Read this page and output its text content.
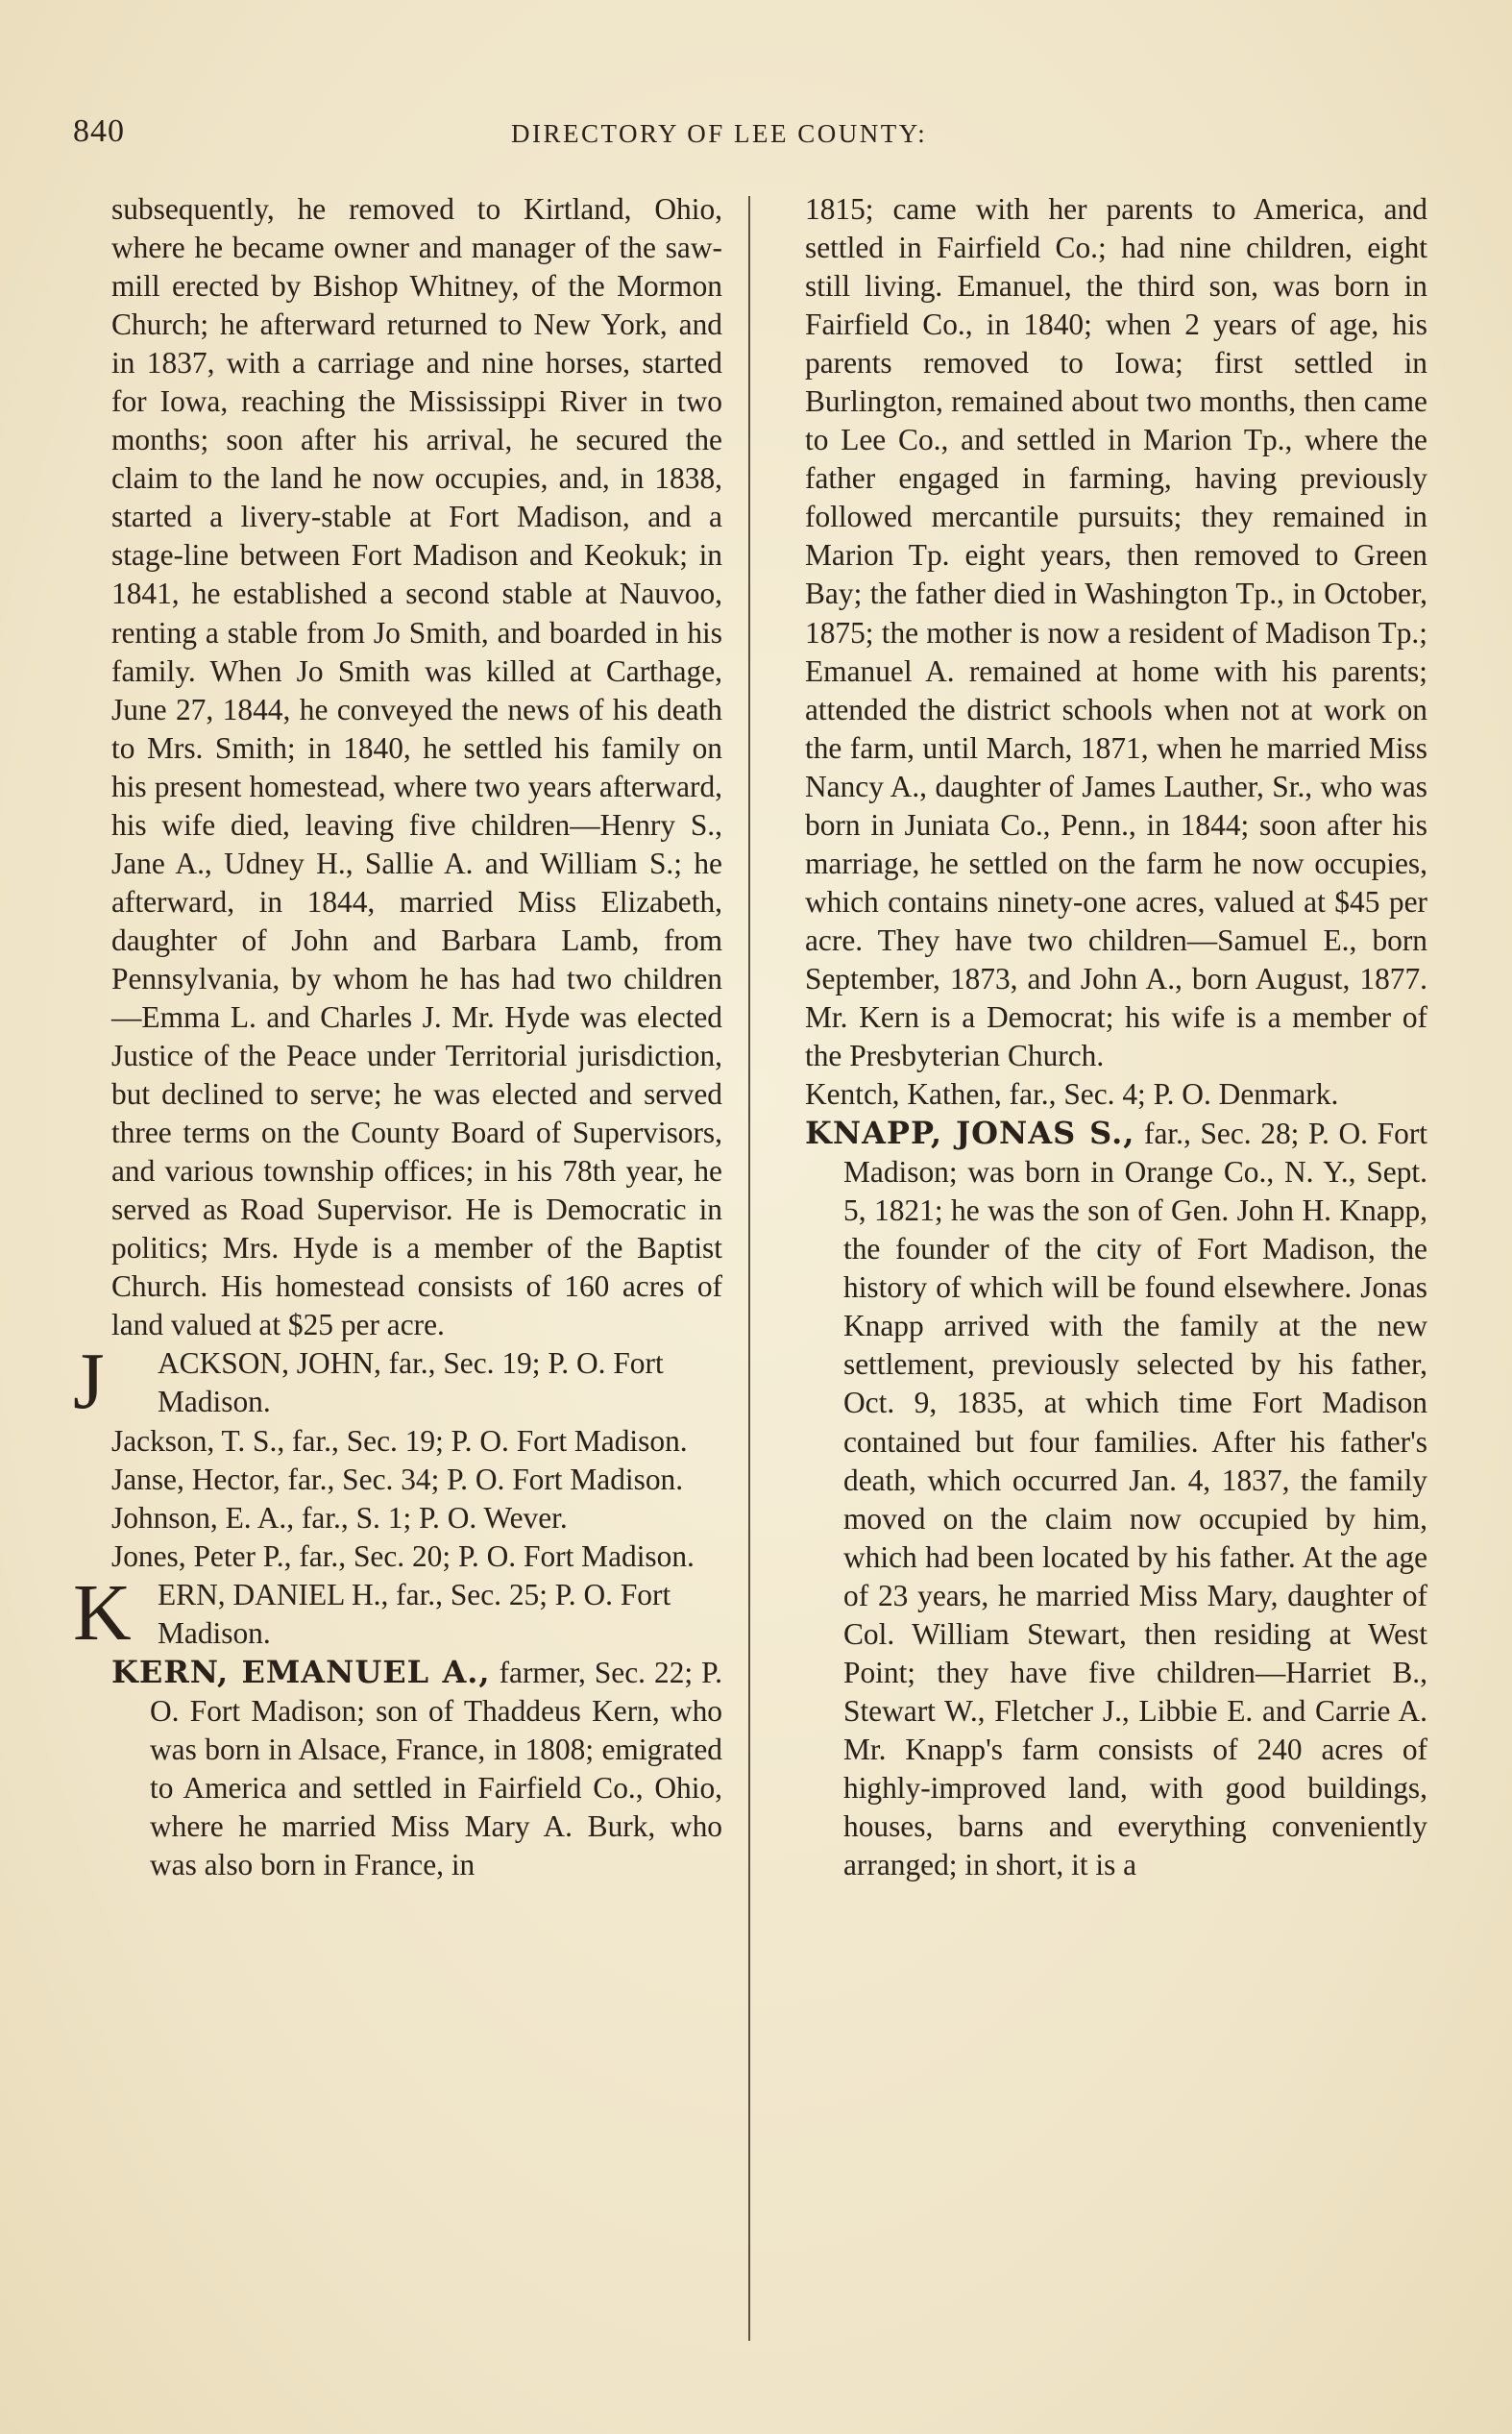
840	DIRECTORY OF LEE COUNTY:

subsequently, he removed to Kirtland, Ohio, where he became owner and manager of the saw-mill erected by Bishop Whitney, of the Mormon Church; he afterward returned to New York, and in 1837, with a carriage and nine horses, started for Iowa, reaching the Mississippi River in two months; soon after his arrival, he secured the claim to the land he now occupies, and, in 1838, started a livery-stable at Fort Madison, and a stage-line between Fort Madison and Keokuk; in 1841, he established a second stable at Nauvoo, renting a stable from Jo Smith, and boarded in his family. When Jo Smith was killed at Carthage, June 27, 1844, he conveyed the news of his death to Mrs. Smith; in 1840, he settled his family on his present homestead, where two years afterward, his wife died, leaving five children—Henry S., Jane A., Udney H., Sallie A. and William S.; he afterward, in 1844, married Miss Elizabeth, daughter of John and Barbara Lamb, from Pennsylvania, by whom he has had two children—Emma L. and Charles J. Mr. Hyde was elected Justice of the Peace under Territorial jurisdiction, but declined to serve; he was elected and served three terms on the County Board of Supervisors, and various township offices; in his 78th year, he served as Road Supervisor. He is Democratic in politics; Mrs. Hyde is a member of the Baptist Church. His homestead consists of 160 acres of land valued at $25 per acre.

J ACKSON, JOHN, far., Sec. 19; P. O. Fort Madison.

Jackson, T. S., far., Sec. 19; P. O. Fort Madison.

Janse, Hector, far., Sec. 34; P. O. Fort Madison.

Johnson, E. A., far., S. 1; P. O. Wever.

Jones, Peter P., far., Sec. 20; P. O. Fort Madison.

K ERN, DANIEL H., far., Sec. 25; P. O. Fort Madison.

KERN, EMANUEL A., farmer, Sec. 22; P. O. Fort Madison; son of Thaddeus Kern, who was born in Alsace, France, in 1808; emigrated to America and settled in Fairfield Co., Ohio, where he married Miss Mary A. Burk, who was also born in France, in

1815; came with her parents to America, and settled in Fairfield Co.; had nine children, eight still living. Emanuel, the third son, was born in Fairfield Co., in 1840; when 2 years of age, his parents removed to Iowa; first settled in Burlington, remained about two months, then came to Lee Co., and settled in Marion Tp., where the father engaged in farming, having previously followed mercantile pursuits; they remained in Marion Tp. eight years, then removed to Green Bay; the father died in Washington Tp., in October, 1875; the mother is now a resident of Madison Tp.; Emanuel A. remained at home with his parents; attended the district schools when not at work on the farm, until March, 1871, when he married Miss Nancy A., daughter of James Lauther, Sr., who was born in Juniata Co., Penn., in 1844; soon after his marriage, he settled on the farm he now occupies, which contains ninety-one acres, valued at $45 per acre. They have two children—Samuel E., born September, 1873, and John A., born August, 1877. Mr. Kern is a Democrat; his wife is a member of the Presbyterian Church.

Kentch, Kathen, far., Sec. 4; P. O. Denmark.

KNAPP, JONAS S., far., Sec. 28; P. O. Fort Madison; was born in Orange Co., N. Y., Sept. 5, 1821; he was the son of Gen. John H. Knapp, the founder of the city of Fort Madison, the history of which will be found elsewhere. Jonas Knapp arrived with the family at the new settlement, previously selected by his father, Oct. 9, 1835, at which time Fort Madison contained but four families. After his father's death, which occurred Jan. 4, 1837, the family moved on the claim now occupied by him, which had been located by his father. At the age of 23 years, he married Miss Mary, daughter of Col. William Stewart, then residing at West Point; they have five children—Harriet B., Stewart W., Fletcher J., Libbie E. and Carrie A. Mr. Knapp's farm consists of 240 acres of highly-improved land, with good buildings, houses, barns and everything conveniently arranged; in short, it is a
